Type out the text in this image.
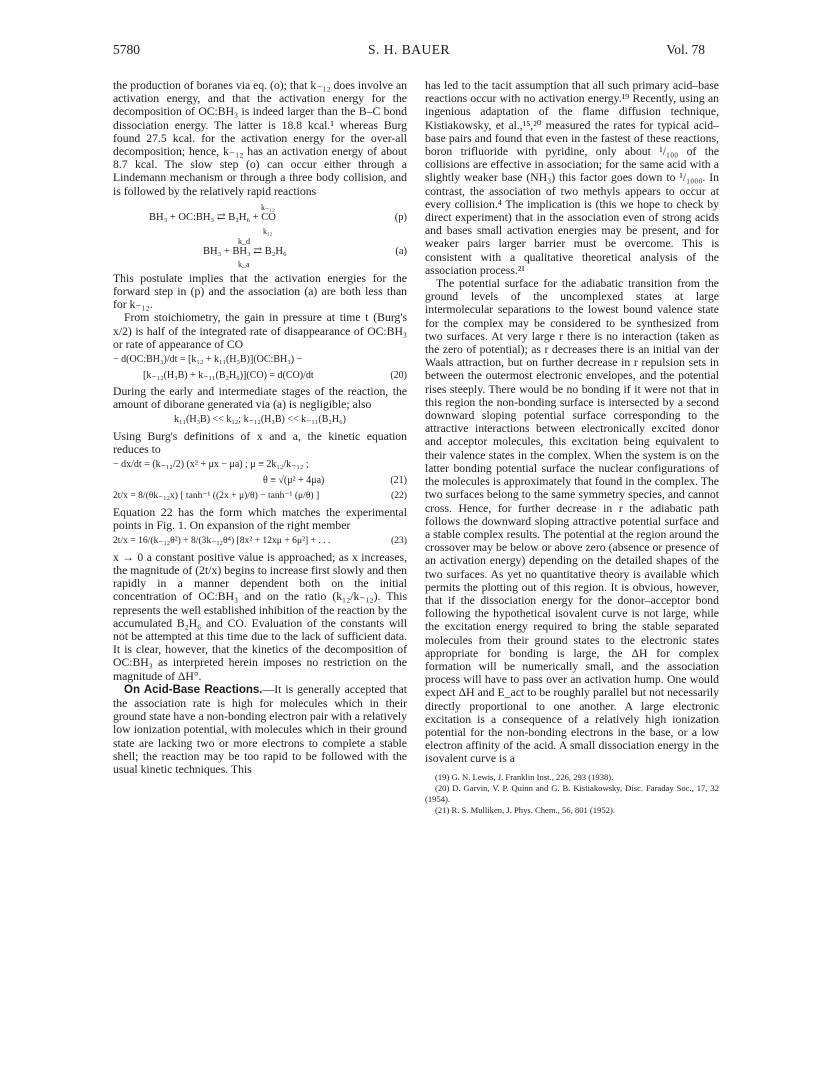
5780	S. H. BAUER	Vol. 78

the production of boranes via eq. (o); that k₋₁₂ does involve an activation energy, and that the activation energy for the decomposition of OC:BH₃ is indeed larger than the B–C bond dissociation energy. The latter is 18.8 kcal.¹ whereas Burg found 27.5 kcal. for the activation energy for the over-all decomposition; hence, k₋₁₂ has an activation energy of about 8.7 kcal. The slow step (o) can occur either through a Lindemann mechanism or through a three body collision, and is followed by the relatively rapid reactions

k₋₁₂
BH₃ + OC:BH₃ ⇄ B₂H₆ + CO
k₁₂
(p)
k_d
BH₃ + BH₃ ⇄ B₂H₆
k_a
(a)

This postulate implies that the activation energies for the forward step in (p) and the association (a) are both less than for k₋₁₂.

From stoichiometry, the gain in pressure at time t (Burg's x/2) is half of the integrated rate of disappearance of OC:BH₃ or rate of appearance of CO

− d(OC:BH₃)/dt = [k₁₂ + k₁₁(H₃B)](OC:BH₃) −
[k₋₁₂(H₃B) + k₋₁₁(B₂H₆)](CO) = d(CO)/dt	(20)

During the early and intermediate stages of the reaction, the amount of diborane generated via (a) is negligible; also

k₁₁(H₃B) << k₁₂; k₋₁₂(H₃B) << k₋₁₁(B₂H₆)

Using Burg's definitions of x and a, the kinetic equation reduces to

− dx/dt = (k₋₁₂/2) (x² + μx − μa) ; μ ≡ 2k₁₂/k₋₁₂ ;
θ ≡ √(μ² + 4μa)	(21)
2t/x = 8/(θk₋₁₂x) [ tanh⁻¹ ((2x + μ)/θ) − tanh⁻¹ (μ/θ) ]	(22)

Equation 22 has the form which matches the experimental points in Fig. 1. On expansion of the right member

2t/x = 16/(k₋₁₂θ²) + 8/(3k₋₁₂θ⁴) [8x² + 12xμ + 6μ²] + . . .	(23)

x → 0 a constant positive value is approached; as x increases, the magnitude of (2t/x) begins to increase first slowly and then rapidly in a manner dependent both on the initial concentration of OC:BH₃ and on the ratio (k₁₂/k₋₁₂). This represents the well established inhibition of the reaction by the accumulated B₂H₆ and CO. Evaluation of the constants will not be attempted at this time due to the lack of sufficient data. It is clear, however, that the kinetics of the decomposition of OC:BH₃ as interpreted herein imposes no restriction on the magnitude of ΔH°.

On Acid-Base Reactions.—It is generally accepted that the association rate is high for molecules which in their ground state have a non-bonding electron pair with a relatively low ionization potential, with molecules which in their ground state are lacking two or more electrons to complete a stable shell; the reaction may be too rapid to be followed with the usual kinetic techniques. This

has led to the tacit assumption that all such primary acid–base reactions occur with no activation energy.¹⁹ Recently, using an ingenious adaptation of the flame diffusion technique, Kistiakowsky, et al.,¹⁵,²⁰ measured the rates for typical acid–base pairs and found that even in the fastest of these reactions, boron trifluoride with pyridine, only about ¹/₁₀₀ of the collisions are effective in association; for the same acid with a slightly weaker base (NH₃) this factor goes down to ¹/₁₀₀₀. In contrast, the association of two methyls appears to occur at every collision.⁴ The implication is (this we hope to check by direct experiment) that in the association even of strong acids and bases small activation energies may be present, and for weaker pairs larger barrier must be overcome. This is consistent with a qualitative theoretical analysis of the association process.²¹

The potential surface for the adiabatic transition from the ground levels of the uncomplexed states at large intermolecular separations to the lowest bound valence state for the complex may be considered to be synthesized from two surfaces. At very large r there is no interaction (taken as the zero of potential); as r decreases there is an initial van der Waals attraction, but on further decrease in r repulsion sets in between the outermost electronic envelopes, and the potential rises steeply. There would be no bonding if it were not that in this region the non-bonding surface is intersected by a second downward sloping potential surface corresponding to the attractive interactions between electronically excited donor and acceptor molecules, this excitation being equivalent to their valence states in the complex. When the system is on the latter bonding potential surface the nuclear configurations of the molecules is approximately that found in the complex. The two surfaces belong to the same symmetry species, and cannot cross. Hence, for further decrease in r the adiabatic path follows the downward sloping attractive potential surface and a stable complex results. The potential at the region around the crossover may be below or above zero (absence or presence of an activation energy) depending on the detailed shapes of the two surfaces. As yet no quantitative theory is available which permits the plotting out of this region. It is obvious, however, that if the dissociation energy for the donor–acceptor bond following the hypothetical isovalent curve is not large, while the excitation energy required to bring the stable separated molecules from their ground states to the electronic states appropriate for bonding is large, the ΔH for complex formation will be numerically small, and the association process will have to pass over an activation hump. One would expect ΔH and E_act to be roughly parallel but not necessarily directly proportional to one another. A large electronic excitation is a consequence of a relatively high ionization potential for the non-bonding electrons in the base, or a low electron affinity of the acid. A small dissociation energy in the isovalent curve is a

(19) G. N. Lewis, J. Franklin Inst., 226, 293 (1938).

(20) D. Garvin, V. P. Quinn and G. B. Kistiakowsky, Disc. Faraday Soc., 17, 32 (1954).

(21) R. S. Mulliken, J. Phys. Chem., 56, 801 (1952).
